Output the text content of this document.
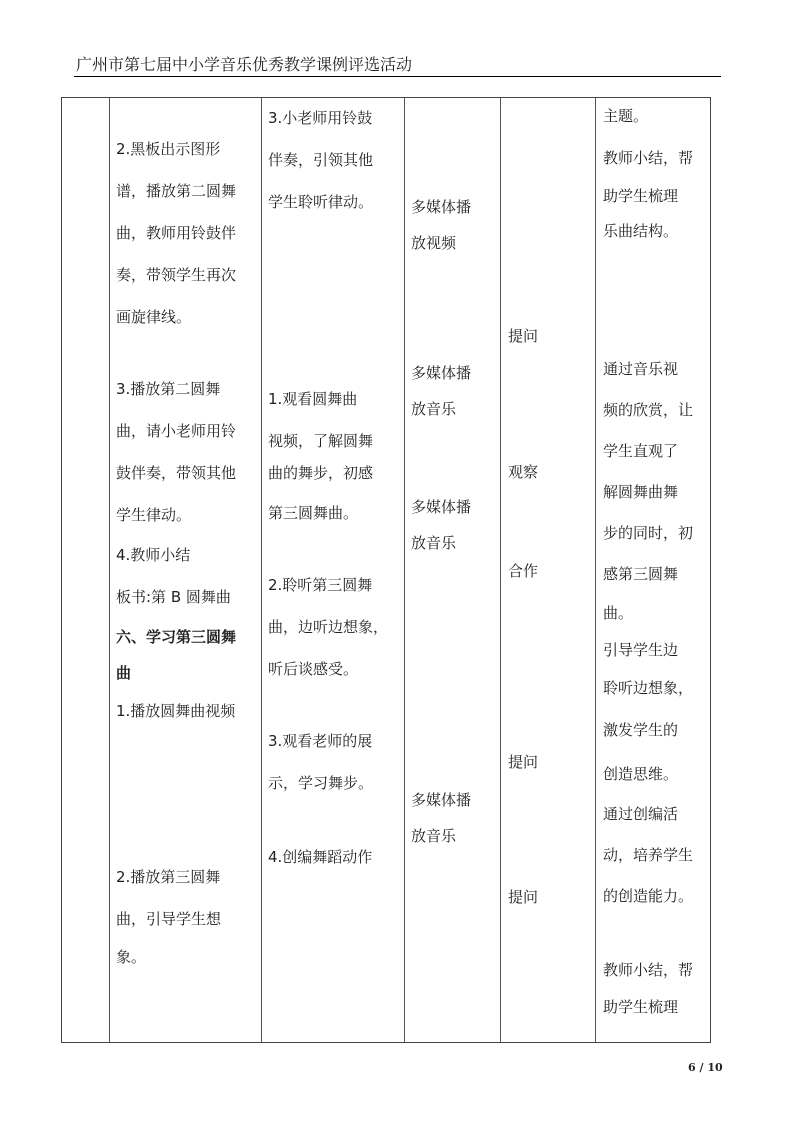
广州市第七届中小学音乐优秀教学课例评选活动
2.黑板出示图形
谱，播放第二圆舞
曲，教师用铃鼓伴
奏，带领学生再次
画旋律线。
3.播放第二圆舞
曲，请小老师用铃
鼓伴奏，带领其他
学生律动。
4.教师小结
板书:第 B 圆舞曲
六、学习第三圆舞
曲
1.播放圆舞曲视频
2.播放第三圆舞
曲，引导学生想
象。
3.小老师用铃鼓
伴奏，引领其他
学生聆听律动。
1.观看圆舞曲
视频，了解圆舞
曲的舞步，初感
第三圆舞曲。
2.聆听第三圆舞
曲，边听边想象，
听后谈感受。
3.观看老师的展
示，学习舞步。
4.创编舞蹈动作
多媒体播
放视频
多媒体播
放音乐
多媒体播
放音乐
多媒体播
放音乐
提问
观察
合作
提问
提问
主题。
教师小结，帮
助学生梳理
乐曲结构。
通过音乐视
频的欣赏，让
学生直观了
解圆舞曲舞
步的同时，初
感第三圆舞
曲。
引导学生边
聆听边想象，
激发学生的
创造思维。
通过创编活
动，培养学生
的创造能力。
教师小结，帮
助学生梳理
6 / 10
